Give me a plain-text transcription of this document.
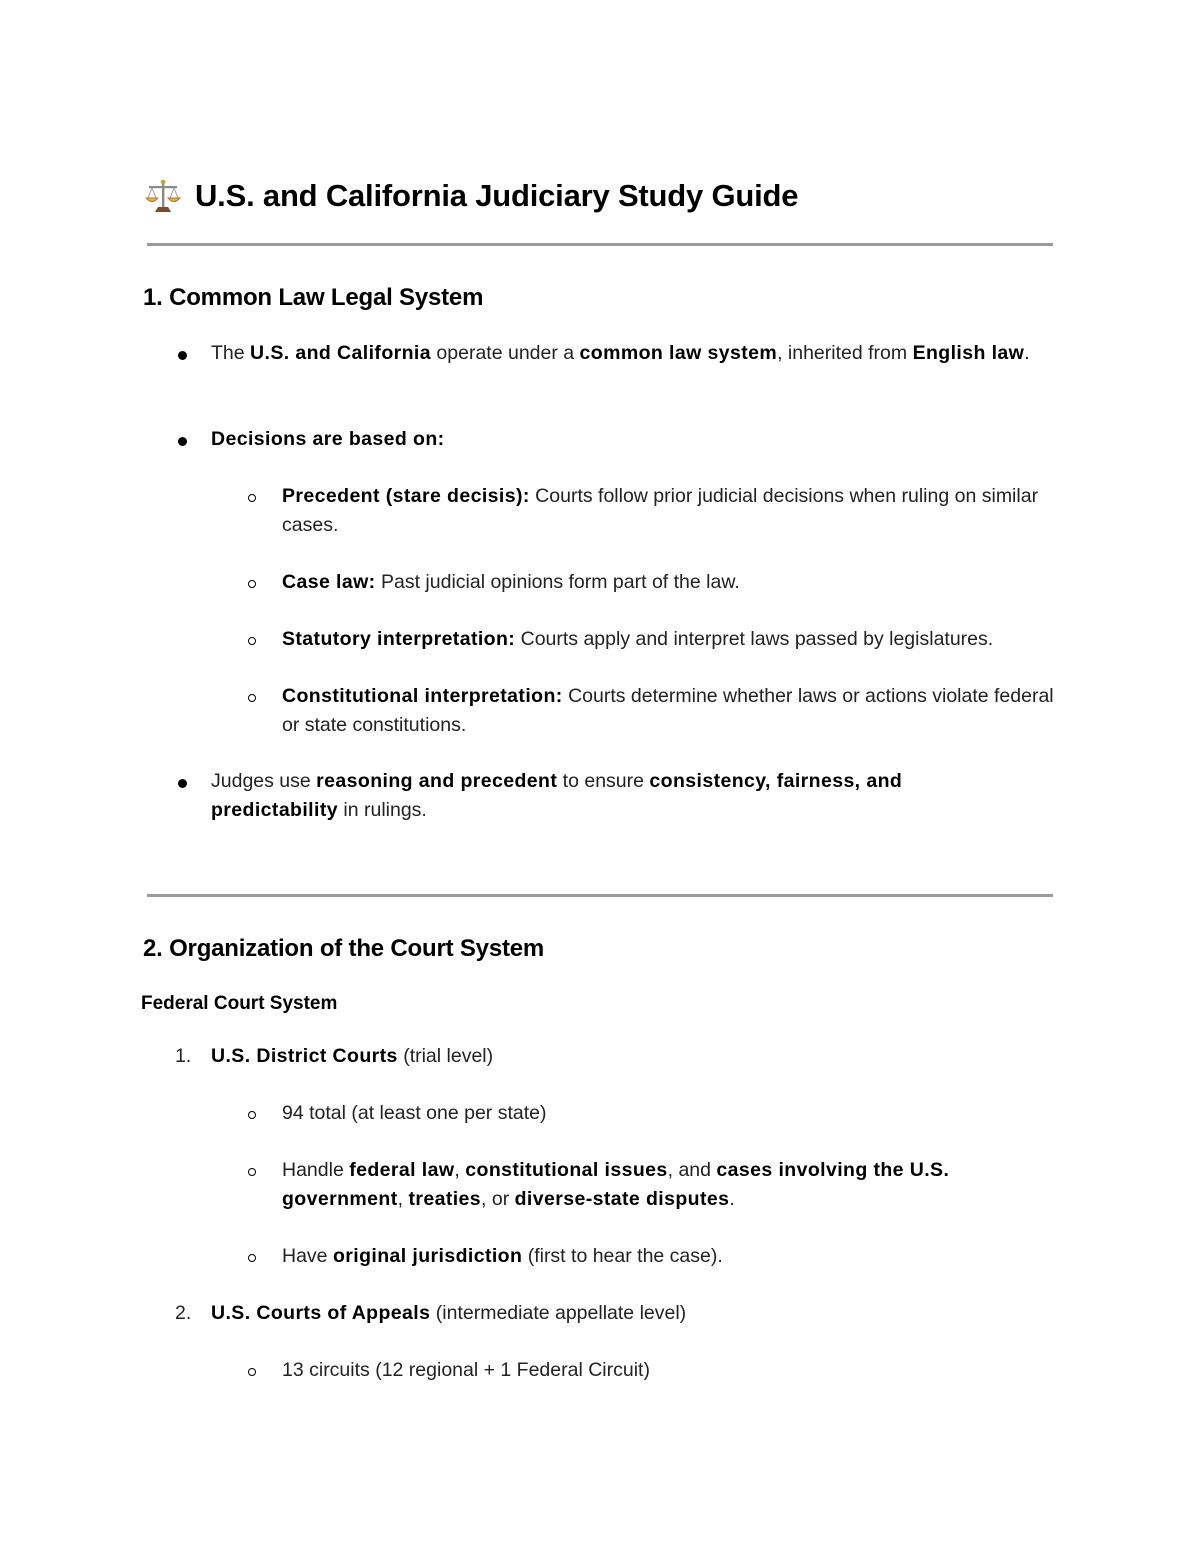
U.S. and California Judiciary Study Guide
1. Common Law Legal System
The U.S. and California operate under a common law system, inherited from English law.
Decisions are based on:
Precedent (stare decisis): Courts follow prior judicial decisions when ruling on similar cases.
Case law: Past judicial opinions form part of the law.
Statutory interpretation: Courts apply and interpret laws passed by legislatures.
Constitutional interpretation: Courts determine whether laws or actions violate federal or state constitutions.
Judges use reasoning and precedent to ensure consistency, fairness, and predictability in rulings.
2. Organization of the Court System
Federal Court System
1. U.S. District Courts (trial level)
94 total (at least one per state)
Handle federal law, constitutional issues, and cases involving the U.S. government, treaties, or diverse-state disputes.
Have original jurisdiction (first to hear the case).
2. U.S. Courts of Appeals (intermediate appellate level)
13 circuits (12 regional + 1 Federal Circuit)
